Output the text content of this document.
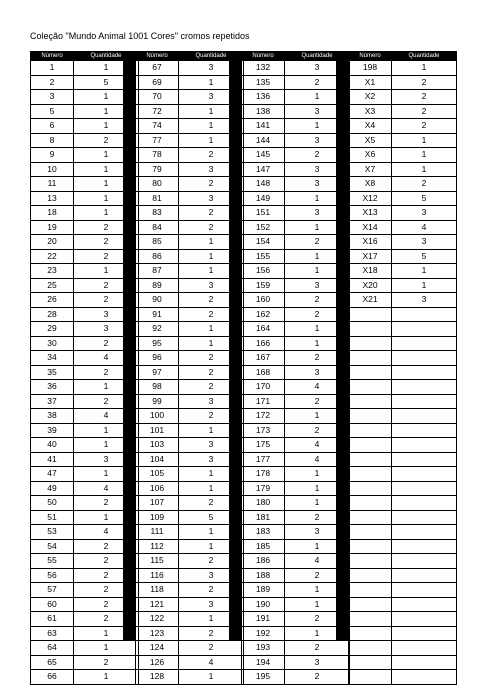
Coleção "Mundo Animal 1001 Cores" cromos repetidos
Número	Quantidade
1	1
2	5
3	1
5	1
6	1
8	2
9	1
10	1
11	1
13	1
18	1
19	2
20	2
22	2
23	1
25	2
26	2
28	3
29	3
30	2
34	4
35	2
36	1
37	2
38	4
39	1
40	1
41	3
47	1
49	4
50	2
51	1
53	4
54	2
55	2
56	2
57	2
60	2
61	2
63	1
64	1
65	2
66	1
Número	Quantidade
67	3
69	1
70	3
72	1
74	1
77	1
78	2
79	3
80	2
81	3
83	2
84	2
85	1
86	1
87	1
89	3
90	2
91	2
92	1
95	1
96	2
97	2
98	2
99	3
100	2
101	1
103	3
104	3
105	1
106	1
107	2
109	5
111	1
112	1
115	2
116	3
118	2
121	3
122	1
123	2
124	2
126	4
128	1
Número	Quantidade
132	3
135	2
136	1
138	3
141	1
144	3
145	2
147	3
148	3
149	1
151	3
152	1
154	2
155	1
156	1
159	3
160	2
162	2
164	1
166	1
167	2
168	3
170	4
171	2
172	1
173	2
175	4
177	4
178	1
179	1
180	1
181	2
183	3
185	1
186	4
188	2
189	1
190	1
191	2
192	1
193	2
194	3
195	2
Número	Quantidade
198	1
X1	2
X2	2
X3	2
X4	2
X5	1
X6	1
X7	1
X8	2
X12	5
X13	3
X14	4
X16	3
X17	5
X18	1
X20	1
X21	3
